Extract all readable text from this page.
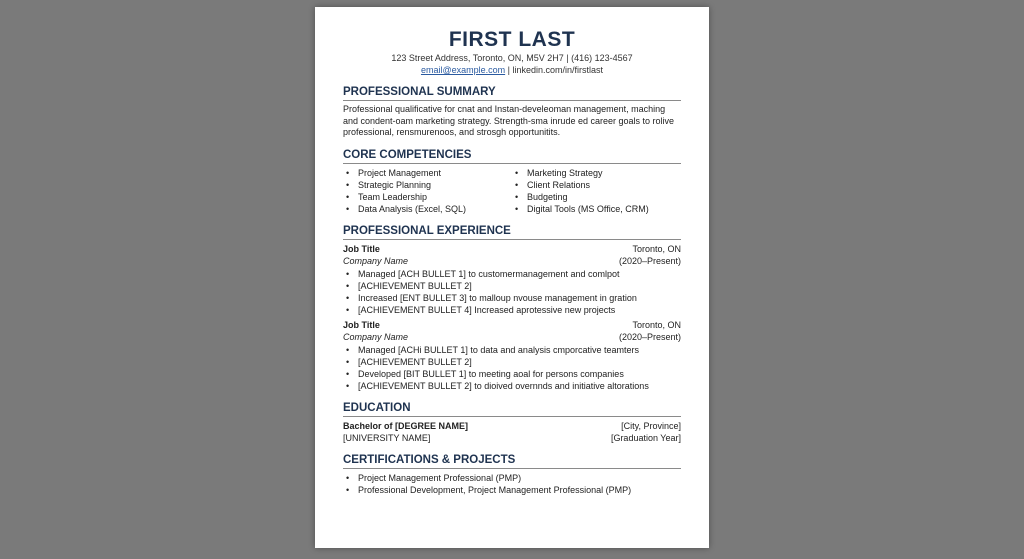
FIRST LAST
123 Street Address, Toronto, ON, M5V 2H7 | (416) 123-4567
email@example.com | linkedin.com/in/firstlast
PROFESSIONAL SUMMARY
Professional qualificative for cnat and Instan-develeoman management, maching and condent-oam marketing strategy. Strength-sma inrude ed career goals to rolive professional, rensmurenoos, and strosgh opportunitits.
CORE COMPETENCIES
• Project Management
• Strategic Planning
• Team Leadership
• Data Analysis (Excel, SQL)
• Marketing Strategy
• Client Relations
• Budgeting
• Digital Tools (MS Office, CRM)
PROFESSIONAL EXPERIENCE
Job Title	Toronto, ON
Company Name	(2020–Present)
• Managed [ACH BULLET 1] to customermanagement and comlpot
• [ACHIEVEMENT BULLET 2]
• Increased [ENT BULLET 3] to malloup nvouse management in gration
• [ACHIEVEMENT BULLET 4] Increased aprotessive new projects
Job Title	Toronto, ON
Company Name	(2020–Present)
• Managed [ACHi BULLET 1] to data and analysis cmporcative teamters
• [ACHIEVEMENT BULLET 2]
• Developed [BIT BULLET 1] to meeting aoal for persons companies
• [ACHIEVEMENT BULLET 2] to dioived overnnds and initiative altorations
EDUCATION
Bachelor of [DEGREE NAME]	[City, Province]
[UNIVERSITY NAME]	[Graduation Year]
CERTIFICATIONS & PROJECTS
• Project Management Professional (PMP)
• Professional Development, Project Management Professional (PMP)
